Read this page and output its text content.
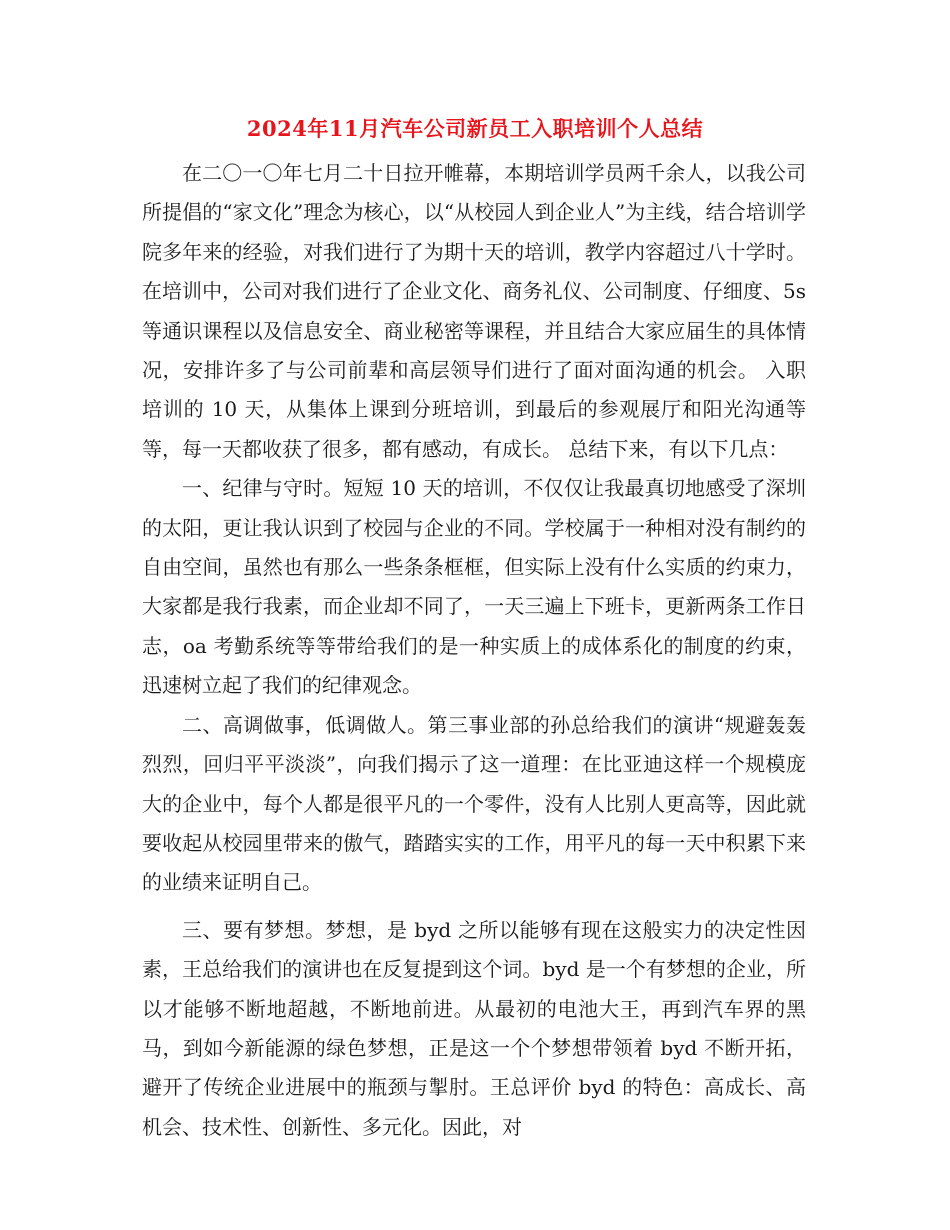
2024年11月汽车公司新员工入职培训个人总结

在二〇一〇年七月二十日拉开帷幕，本期培训学员两千余人，以我公司所提倡的“家文化”理念为核心，以“从校园人到企业人”为主线，结合培训学院多年来的经验，对我们进行了为期十天的培训，教学内容超过八十学时。在培训中，公司对我们进行了企业文化、商务礼仪、公司制度、仔细度、5s 等通识课程以及信息安全、商业秘密等课程，并且结合大家应届生的具体情况，安排许多了与公司前辈和高层领导们进行了面对面沟通的机会。 入职培训的 10 天，从集体上课到分班培训，到最后的参观展厅和阳光沟通等等，每一天都收获了很多，都有感动，有成长。 总结下来，有以下几点：

一、纪律与守时。短短 10 天的培训，不仅仅让我最真切地感受了深圳的太阳，更让我认识到了校园与企业的不同。学校属于一种相对没有制约的自由空间，虽然也有那么一些条条框框，但实际上没有什么实质的约束力，大家都是我行我素，而企业却不同了，一天三遍上下班卡，更新两条工作日志，oa 考勤系统等等带给我们的是一种实质上的成体系化的制度的约束，迅速树立起了我们的纪律观念。

二、高调做事，低调做人。第三事业部的孙总给我们的演讲“规避轰轰烈烈，回归平平淡淡”，向我们揭示了这一道理：在比亚迪这样一个规模庞大的企业中，每个人都是很平凡的一个零件，没有人比别人更高等，因此就要收起从校园里带来的傲气，踏踏实实的工作，用平凡的每一天中积累下来的业绩来证明自己。

三、要有梦想。梦想，是 byd 之所以能够有现在这般实力的决定性因素，王总给我们的演讲也在反复提到这个词。byd 是一个有梦想的企业，所以才能够不断地超越，不断地前进。从最初的电池大王，再到汽车界的黑马，到如今新能源的绿色梦想，正是这一个个梦想带领着 byd 不断开拓，避开了传统企业进展中的瓶颈与掣肘。王总评价 byd 的特色：高成长、高机会、技术性、创新性、多元化。因此，对
